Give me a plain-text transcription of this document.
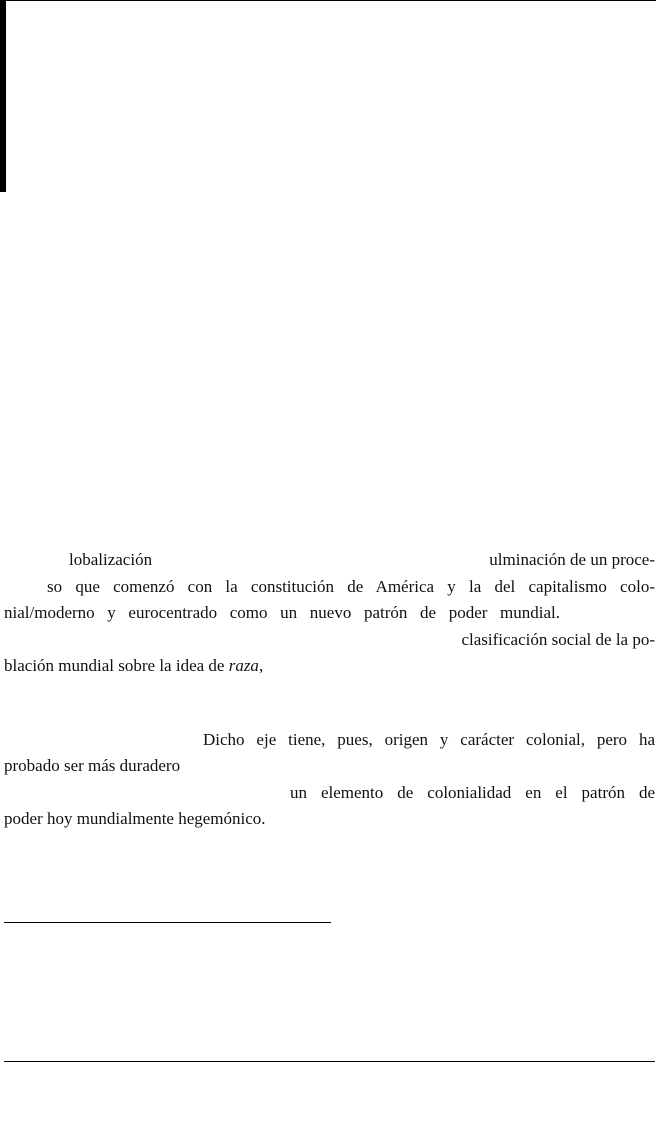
lobalización	ulminación de un proce-
so que comenzó con la constitución de América y la del capitalismo colo-
nial/moderno y eurocentrado como un nuevo patrón de poder mundial.
clasificación social de la po-
blación mundial sobre la idea de raza,
Dicho eje tiene, pues, origen y carácter colonial, pero ha
probado ser más duradero
un elemento de colonialidad en el patrón de
poder hoy mundialmente hegemónico.
